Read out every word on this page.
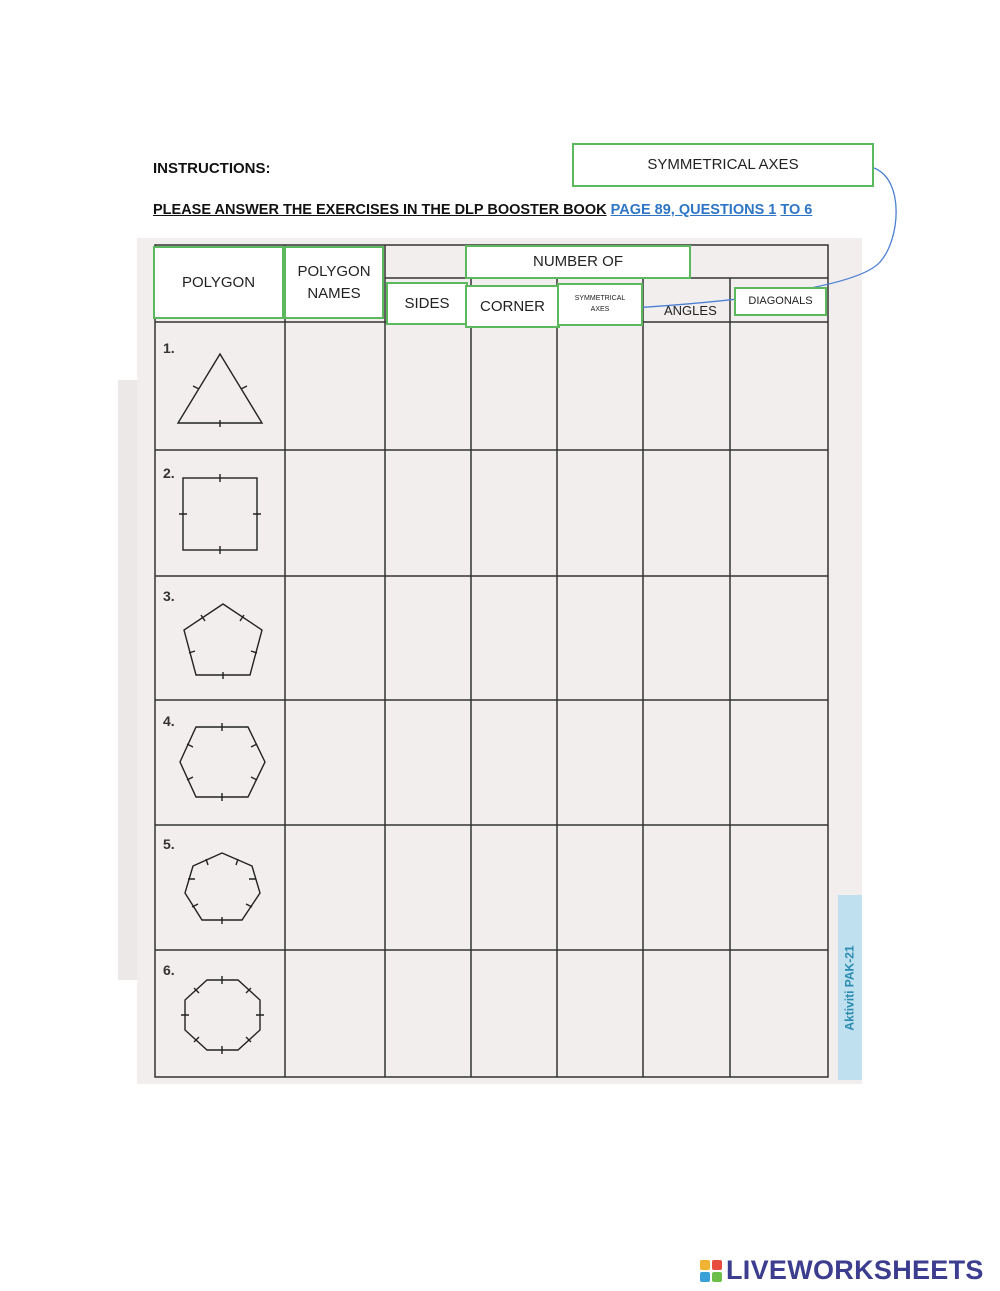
INSTRUCTIONS:
PLEASE ANSWER THE EXERCISES IN THE DLP BOOSTER BOOK PAGE 89, QUESTIONS 1 TO 6
SYMMETRICAL AXES
Aktiviti PAK-21
1.
2.
3.
4.
5.
6.
POLYGON
POLYGON NAMES
NUMBER OF
SIDES CORNER	SYMMETRICAL AXES	ANGLES
DIAGONALS
LIVEWORKSHEETS
